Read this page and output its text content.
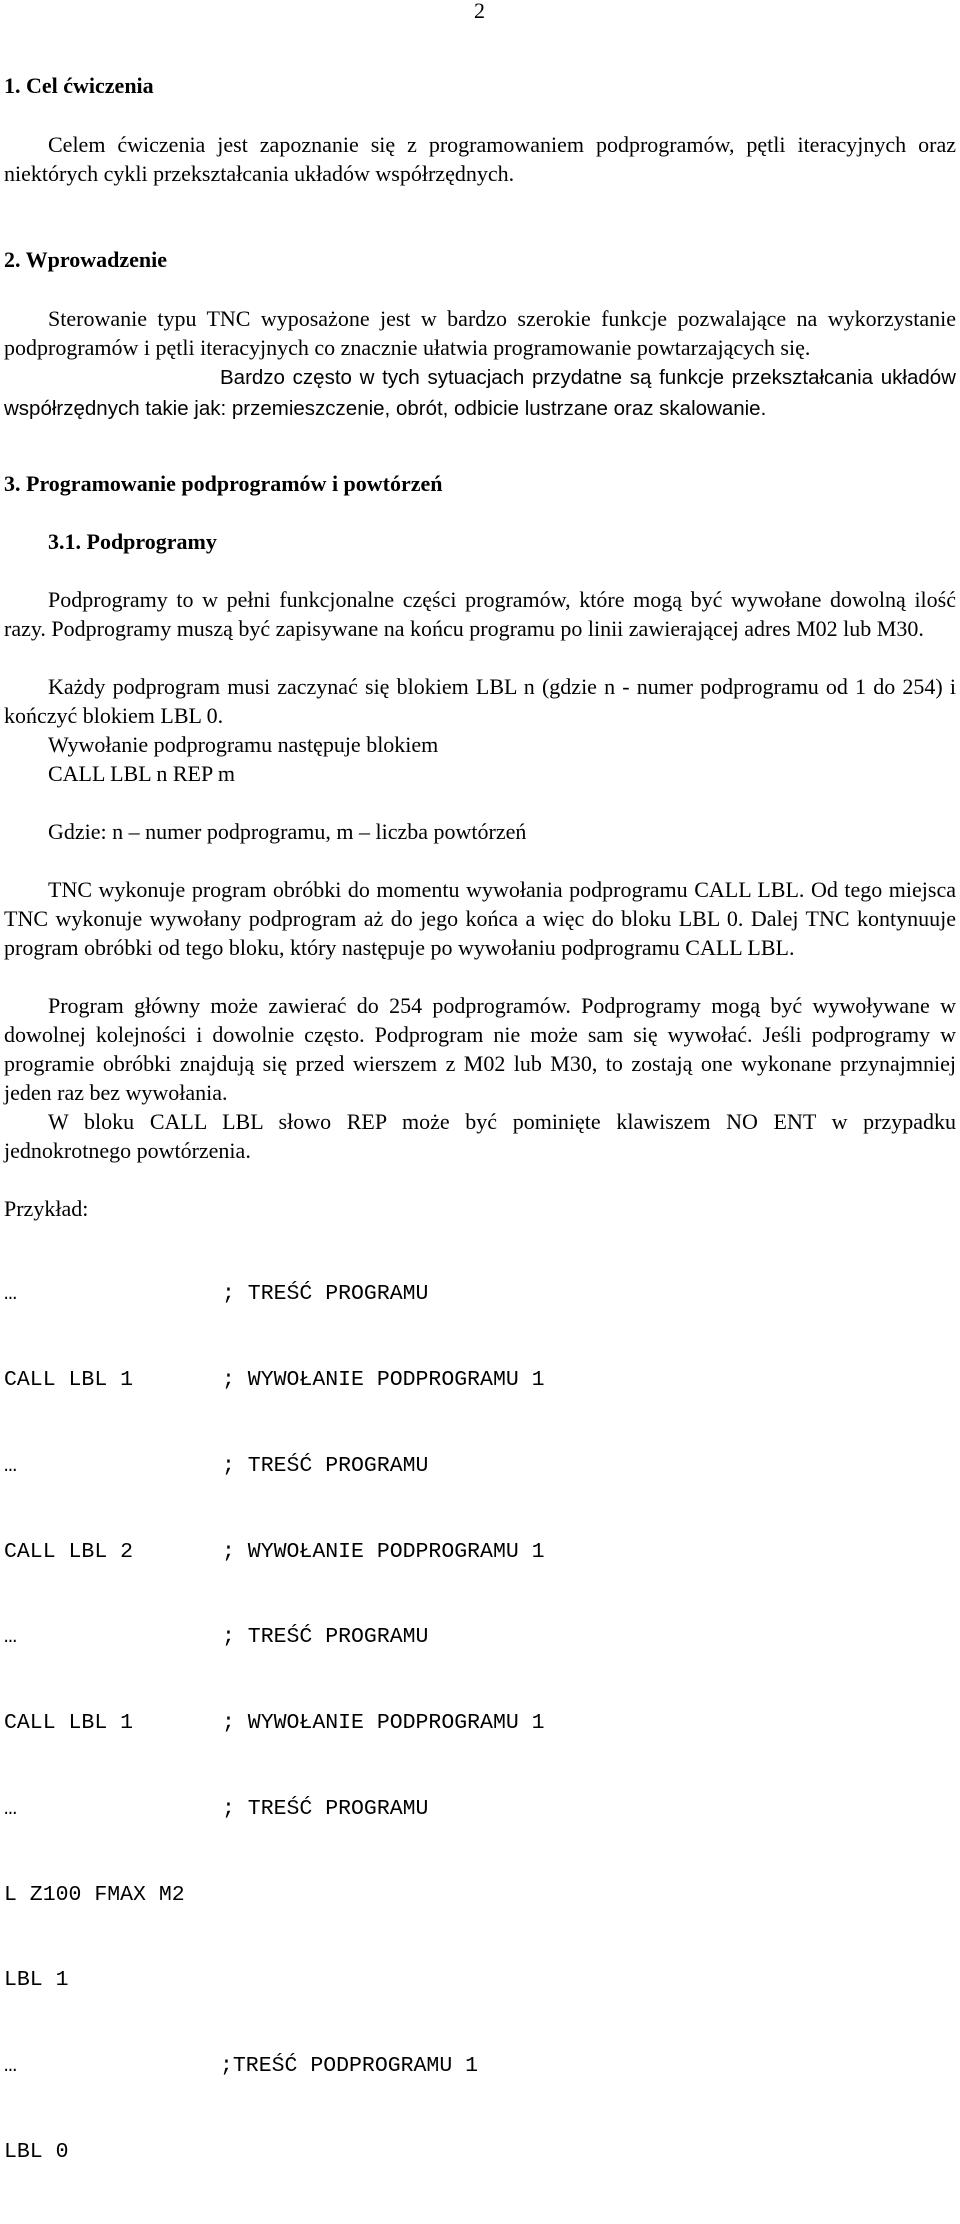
2
1. Cel ćwiczenia

Celem ćwiczenia jest zapoznanie się z programowaniem podprogramów, pętli iteracyjnych oraz niektórych cykli przekształcania układów współrzędnych.

2. Wprowadzenie

Sterowanie typu TNC wyposażone jest w bardzo szerokie funkcje pozwalające na wykorzystanie podprogramów i pętli iteracyjnych co znacznie ułatwia programowanie powtarzających się.

Bardzo często w tych sytuacjach przydatne są funkcje przekształcania układów współrzędnych takie jak: przemieszczenie, obrót, odbicie lustrzane oraz skalowanie.

3. Programowanie podprogramów i powtórzeń
3.1. Podprogramy

Podprogramy to w pełni funkcjonalne części programów, które mogą być wywołane dowolną ilość razy. Podprogramy muszą być zapisywane na końcu programu po linii zawierającej adres M02 lub M30.

Każdy podprogram musi zaczynać się blokiem LBL n (gdzie n - numer podprogramu od 1 do 254) i kończyć blokiem LBL 0.

Wywołanie podprogramu następuje blokiem

CALL LBL n REP m

Gdzie: n – numer podprogramu, m – liczba powtórzeń

TNC wykonuje program obróbki do momentu wywołania podprogramu CALL LBL. Od tego miejsca TNC wykonuje wywołany podprogram aż do jego końca a więc do bloku LBL 0. Dalej TNC kontynuuje program obróbki od tego bloku, który następuje po wywołaniu podprogramu CALL LBL.

Program główny może zawierać do 254 podprogramów. Podprogramy mogą być wywoływane w dowolnej kolejności i dowolnie często. Podprogram nie może sam się wywołać. Jeśli podprogramy w programie obróbki znajdują się przed wierszem z M02 lub M30, to zostają one wykonane przynajmniej jeden raz bez wywołania.

W bloku CALL LBL słowo REP może być pominięte klawiszem NO ENT w przypadku jednokrotnego powtórzenia.

Przykład:

…	; TREŚĆ PROGRAMU

CALL LBL 1	; WYWOŁANIE PODPROGRAMU 1

…	; TREŚĆ PROGRAMU

CALL LBL 2	; WYWOŁANIE PODPROGRAMU 1

…	; TREŚĆ PROGRAMU

CALL LBL 1	; WYWOŁANIE PODPROGRAMU 1

…	; TREŚĆ PROGRAMU

L Z100 FMAX M2

LBL 1

…	;TREŚĆ PODPROGRAMU 1

LBL 0
